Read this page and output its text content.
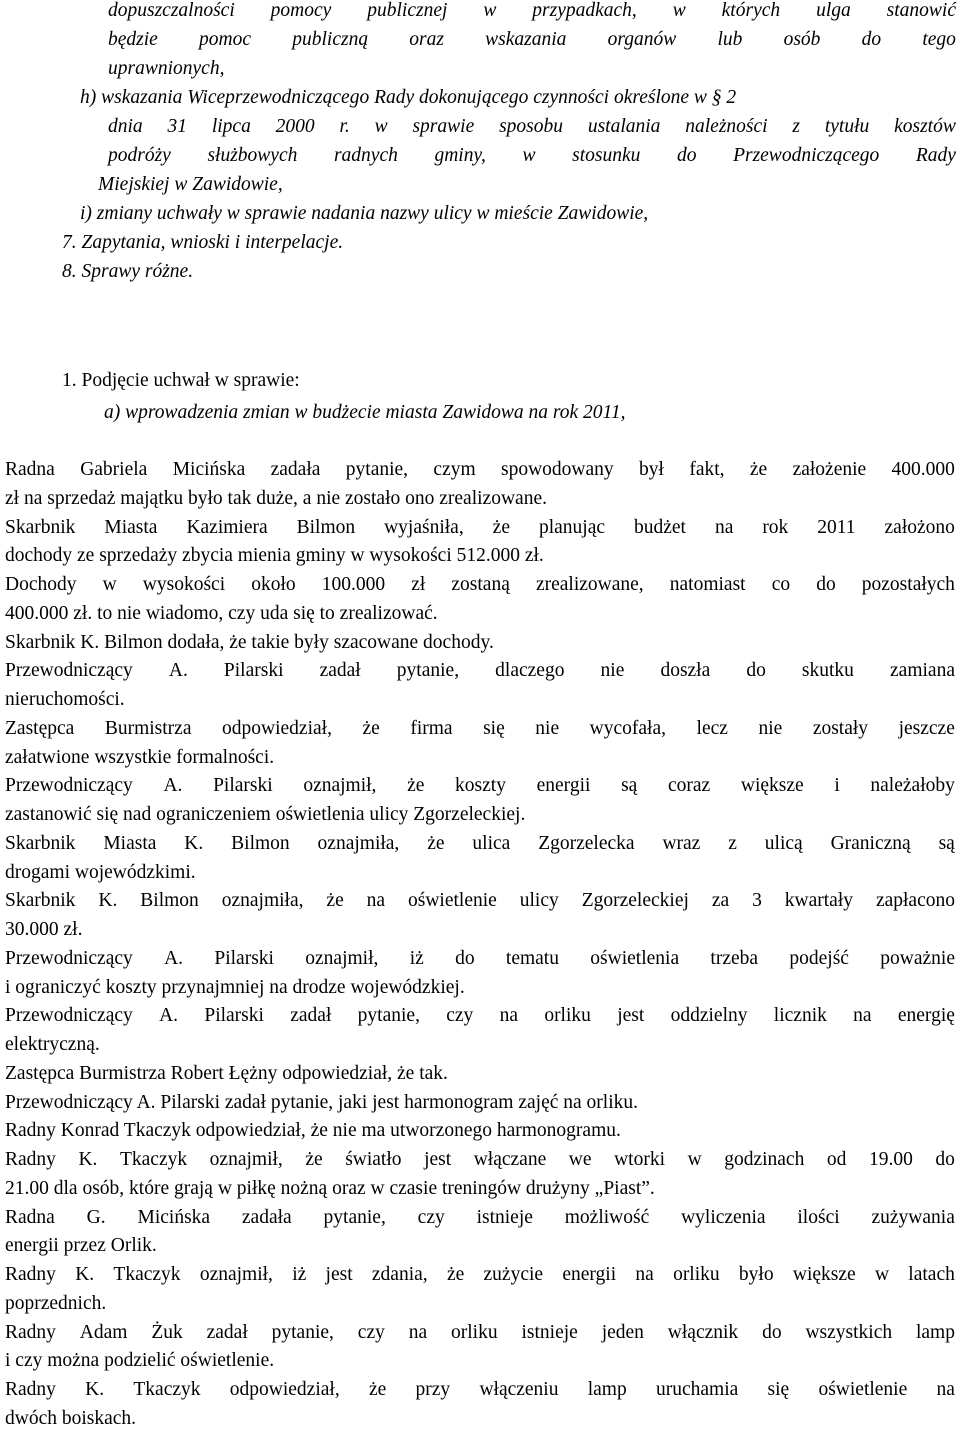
dopuszczalności pomocy publicznej w przypadkach, w których ulga stanowić
będzie pomoc publiczną oraz wskazania organów lub osób do tego
uprawnionych,
h) wskazania Wiceprzewodniczącego Rady dokonującego czynności określone w § 2
dnia 31 lipca 2000 r. w sprawie sposobu ustalania należności z tytułu kosztów
podróży służbowych radnych gminy, w stosunku do Przewodniczącego Rady
Miejskiej w Zawidowie,
i) zmiany uchwały w sprawie nadania nazwy ulicy w mieście Zawidowie,
7. Zapytania, wnioski i interpelacje.
8. Sprawy różne.
1. Podjęcie uchwał w sprawie:
a) wprowadzenia zmian w budżecie miasta Zawidowa na rok 2011,
Radna Gabriela Micińska zadała pytanie, czym spowodowany był fakt, że założenie 400.000
zł na sprzedaż majątku było tak duże, a nie zostało ono zrealizowane.
Skarbnik Miasta Kazimiera Bilmon wyjaśniła, że planując budżet na rok 2011 założono
dochody ze sprzedaży zbycia mienia gminy w wysokości 512.000 zł.
Dochody w wysokości około 100.000 zł zostaną zrealizowane, natomiast co do pozostałych
400.000 zł. to nie wiadomo, czy uda się to zrealizować.
Skarbnik K. Bilmon dodała, że takie były szacowane dochody.
Przewodniczący A. Pilarski zadał pytanie, dlaczego nie doszła do skutku zamiana
nieruchomości.
Zastępca Burmistrza odpowiedział, że firma się nie wycofała, lecz nie zostały jeszcze
załatwione wszystkie formalności.
Przewodniczący A. Pilarski oznajmił, że koszty energii są coraz większe i należałoby
zastanowić się nad ograniczeniem oświetlenia ulicy Zgorzeleckiej.
Skarbnik Miasta K. Bilmon oznajmiła, że ulica Zgorzelecka wraz z ulicą Graniczną są
drogami wojewódzkimi.
Skarbnik K. Bilmon oznajmiła, że na oświetlenie ulicy Zgorzeleckiej za 3 kwartały zapłacono
30.000 zł.
Przewodniczący A. Pilarski oznajmił, iż do tematu oświetlenia trzeba podejść poważnie
i ograniczyć koszty przynajmniej na drodze wojewódzkiej.
Przewodniczący A. Pilarski zadał pytanie, czy na orliku jest oddzielny licznik na energię
elektryczną.
Zastępca Burmistrza Robert Łężny odpowiedział, że tak.
Przewodniczący A. Pilarski zadał pytanie, jaki jest harmonogram zajęć na orliku.
Radny Konrad Tkaczyk odpowiedział, że nie ma utworzonego harmonogramu.
Radny K. Tkaczyk oznajmił, że światło jest włączane we wtorki w godzinach od 19.00 do
21.00 dla osób, które grają w piłkę nożną oraz w czasie treningów drużyny „Piast”.
Radna G. Micińska zadała pytanie, czy istnieje możliwość wyliczenia ilości zużywania
energii przez Orlik.
Radny K. Tkaczyk oznajmił, iż jest zdania, że zużycie energii na orliku było większe w latach
poprzednich.
Radny Adam Żuk zadał pytanie, czy na orliku istnieje jeden włącznik do wszystkich lamp
i czy można podzielić oświetlenie.
Radny K. Tkaczyk odpowiedział, że przy włączeniu lamp uruchamia się oświetlenie na
dwóch boiskach.
